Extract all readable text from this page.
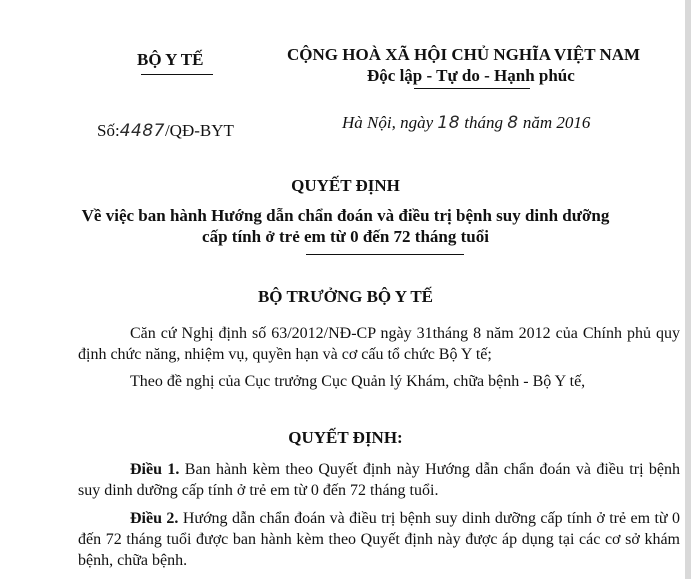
BỘ Y TẾ	CỘNG HOÀ XÃ HỘI CHỦ NGHĨA VIỆT NAM
Độc lập - Tự do - Hạnh phúc
Số:4487/QĐ-BYT	Hà Nội, ngày 18 tháng 8 năm 2016
QUYẾT ĐỊNH
Về việc ban hành Hướng dẫn chẩn đoán và điều trị bệnh suy dinh dưỡng
cấp tính ở trẻ em từ 0 đến 72 tháng tuổi
BỘ TRƯỞNG BỘ Y TẾ
Căn cứ Nghị định số 63/2012/NĐ-CP ngày 31tháng 8 năm 2012 của Chính phủ quy định chức năng, nhiệm vụ, quyền hạn và cơ cấu tổ chức Bộ Y tế;
Theo đề nghị của Cục trưởng Cục Quản lý Khám, chữa bệnh - Bộ Y tế,
QUYẾT ĐỊNH:
Điều 1. Ban hành kèm theo Quyết định này Hướng dẫn chẩn đoán và điều trị bệnh suy dinh dưỡng cấp tính ở trẻ em từ 0 đến 72 tháng tuổi.
Điều 2. Hướng dẫn chẩn đoán và điều trị bệnh suy dinh dưỡng cấp tính ở trẻ em từ 0 đến 72 tháng tuổi được ban hành kèm theo Quyết định này được áp dụng tại các cơ sở khám bệnh, chữa bệnh.
